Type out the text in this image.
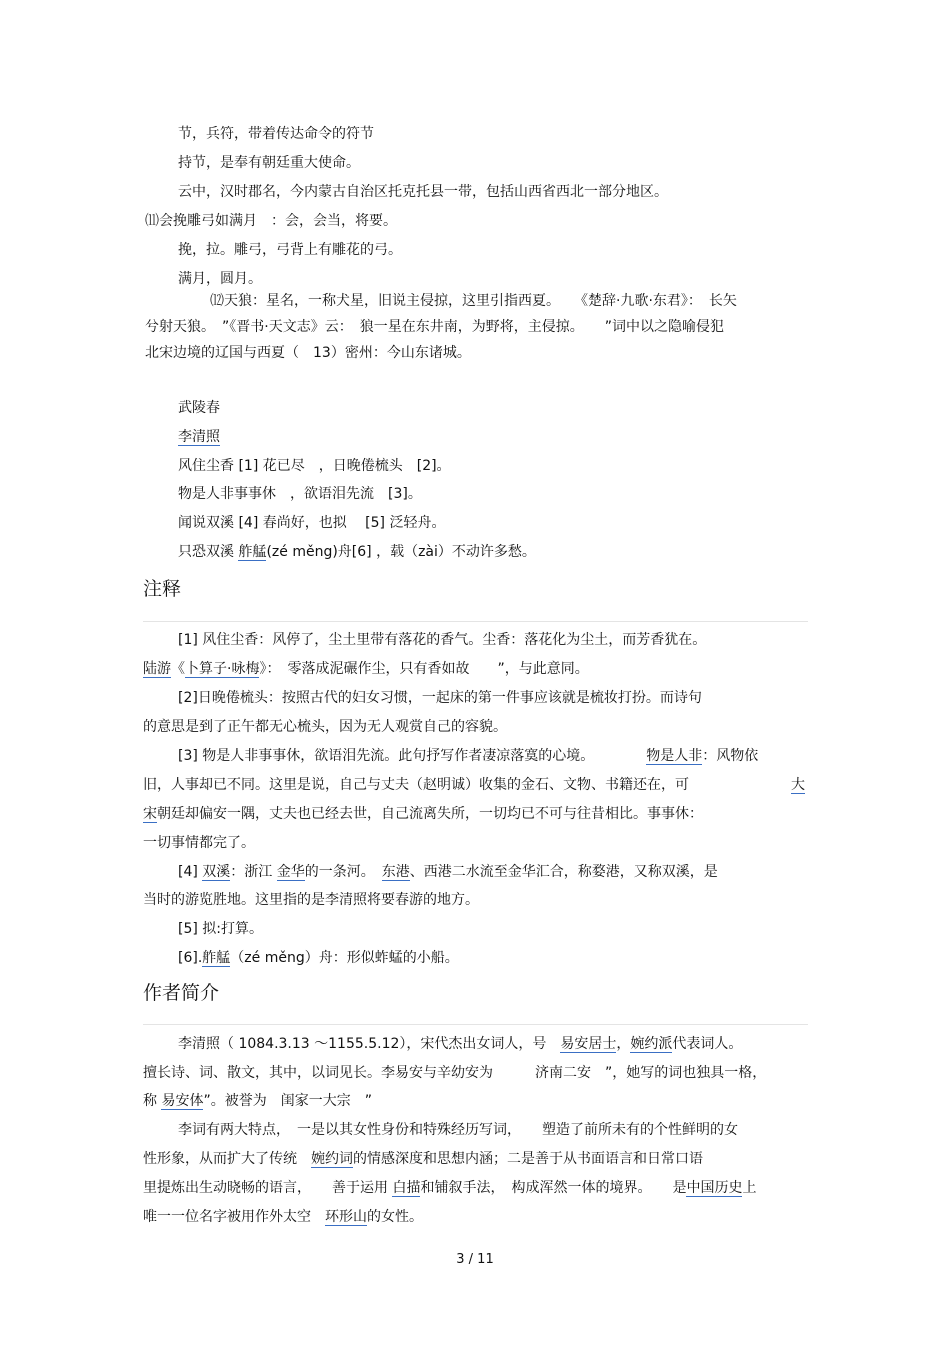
节，兵符，带着传达命令的符节
持节，是奉有朝廷重大使命。
云中，汉时郡名，今内蒙古自治区托克托县一带，包括山西省西北一部分地区。
⑾会挽雕弓如满月　：会，会当，将要。
挽，拉。雕弓，弓背上有雕花的弓。
满月，圆月。
⑿天狼：星名，一称犬星，旧说主侵掠，这里引指西夏。　　《楚辞·九歌·东君》：　长矢
兮射天狼。　”《晋书·天文志》云：　狼一星在东井南，为野将，主侵掠。　　”词中以之隐喻侵犯
北宋边境的辽国与西夏（　13）密州：今山东诸城。
武陵春
李清照
风住尘香 [1] 花已尽　，日晚倦梳头　[2]。
物是人非事事休　，欲语泪先流　[3]。
闻说双溪 [4] 春尚好，也拟　 [5] 泛轻舟。
只恐双溪 舴艋(zé měng)舟[6] ，载（zài）不动许多愁。
注释
[1] 风住尘香：风停了，尘土里带有落花的香气。尘香：落花化为尘土，而芳香犹在。
陆游《卜算子·咏梅》：　零落成泥碾作尘，只有香如故　　”，与此意同。
[2]日晚倦梳头：按照古代的妇女习惯，一起床的第一件事应该就是梳妆打扮。而诗句
的意思是到了正午都无心梳头，因为无人观赏自己的容貌。
[3] 物是人非事事休，欲语泪先流。此句抒写作者凄凉落寞的心境。	物是人非：风物依
旧，人事却已不同。这里是说，自己与丈夫（赵明诚）收集的金石、文物、书籍还在，可	大
宋朝廷却偏安一隅，丈夫也已经去世，自己流离失所，一切均已不可与往昔相比。事事休：
一切事情都完了。
[4] 双溪：浙江 金华的一条河。　东港、西港二水流至金华汇合，称婺港，又称双溪，是
当时的游览胜地。这里指的是李清照将要春游的地方。
[5] 拟:打算。
[6].舴艋（zé měng）舟：形似蚱蜢的小船。
作者简介
李清照（ 1084.3.13 ～1155.5.12），宋代杰出女词人，号　易安居士，婉约派代表词人。
擅长诗、词、散文，其中，以词见长。李易安与辛幼安为　　　济南二安　”，她写的词也独具一格，
称 易安体”。被誉为　闺家一大宗　”
李词有两大特点，　一是以其女性身份和特殊经历写词，　　塑造了前所未有的个性鲜明的女
性形象，从而扩大了传统　婉约词的情感深度和思想内涵；二是善于从书面语言和日常口语
里提炼出生动晓畅的语言，　　善于运用 白描和铺叙手法，　构成浑然一体的境界。　　是中国历史上
唯一一位名字被用作外太空　环形山的女性。
3 / 11
